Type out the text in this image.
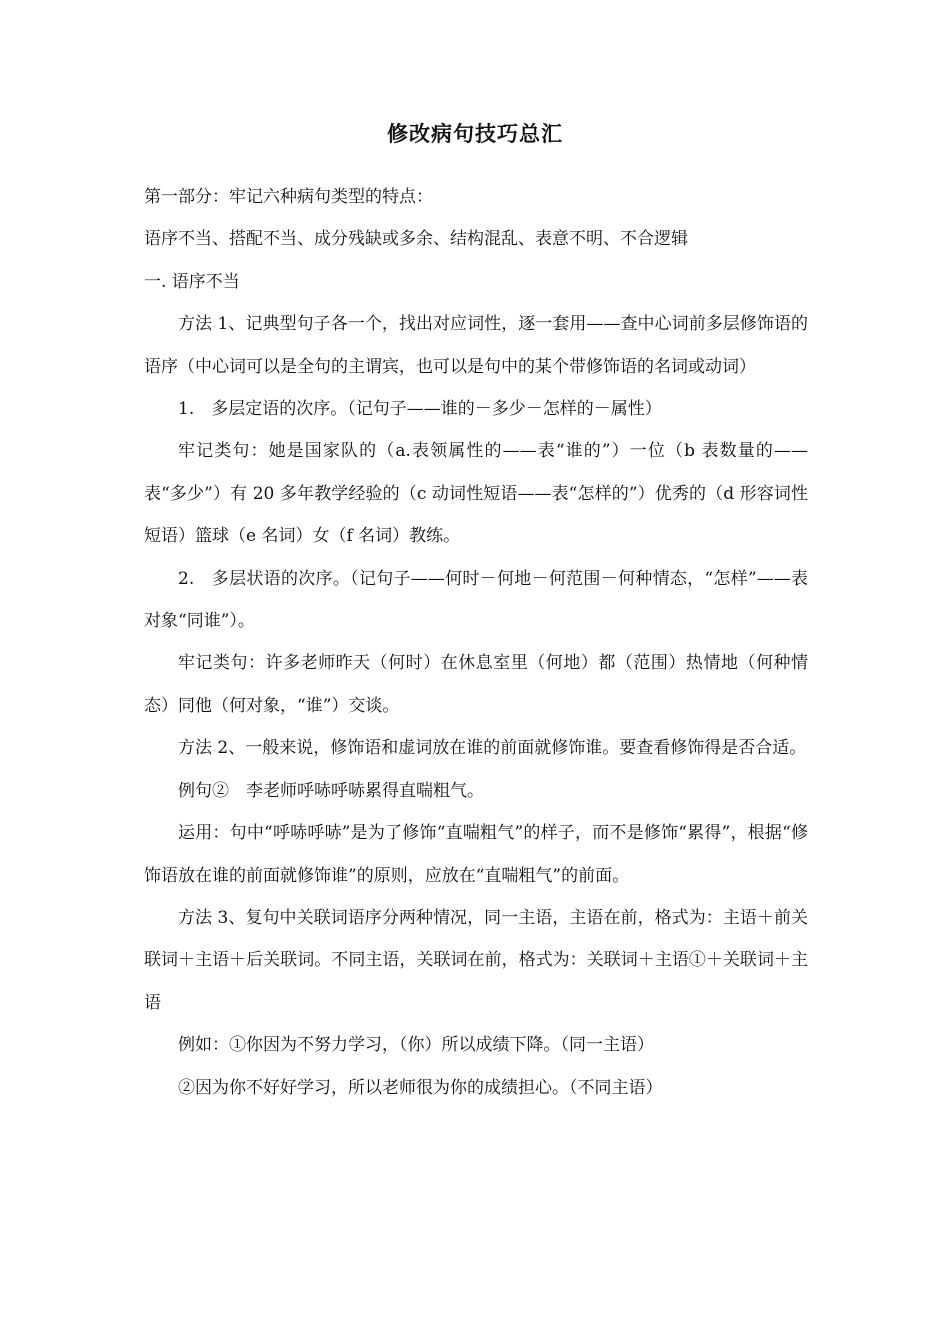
修改病句技巧总汇

第一部分：牢记六种病句类型的特点：

语序不当、搭配不当、成分残缺或多余、结构混乱、表意不明、不合逻辑

一. 语序不当

方法 1、记典型句子各一个，找出对应词性，逐一套用——查中心词前多层修饰语的语序（中心词可以是全句的主谓宾，也可以是句中的某个带修饰语的名词或动词）

1.　多层定语的次序。（记句子——谁的－多少－怎样的－属性）

牢记类句：她是国家队的（a.表领属性的——表“谁的”）一位（b 表数量的——表“多少”）有 20 多年教学经验的（c 动词性短语——表“怎样的”）优秀的（d 形容词性短语）篮球（e 名词）女（f 名词）教练。

2.　多层状语的次序。（记句子——何时－何地－何范围－何种情态，“怎样”——表对象“同谁”）。

牢记类句：许多老师昨天（何时）在休息室里（何地）都（范围）热情地（何种情态）同他（何对象，“谁”）交谈。

方法 2、一般来说，修饰语和虚词放在谁的前面就修饰谁。要查看修饰得是否合适。

例句②　李老师呼哧呼哧累得直喘粗气。

运用：句中“呼哧呼哧”是为了修饰“直喘粗气”的样子，而不是修饰“累得”，根据“修饰语放在谁的前面就修饰谁”的原则，应放在“直喘粗气”的前面。

方法 3、复句中关联词语序分两种情况，同一主语，主语在前，格式为：主语＋前关联词＋主语＋后关联词。不同主语，关联词在前，格式为：关联词＋主语①＋关联词＋主语

例如：①你因为不努力学习，（你）所以成绩下降。（同一主语）

②因为你不好好学习，所以老师很为你的成绩担心。（不同主语）
